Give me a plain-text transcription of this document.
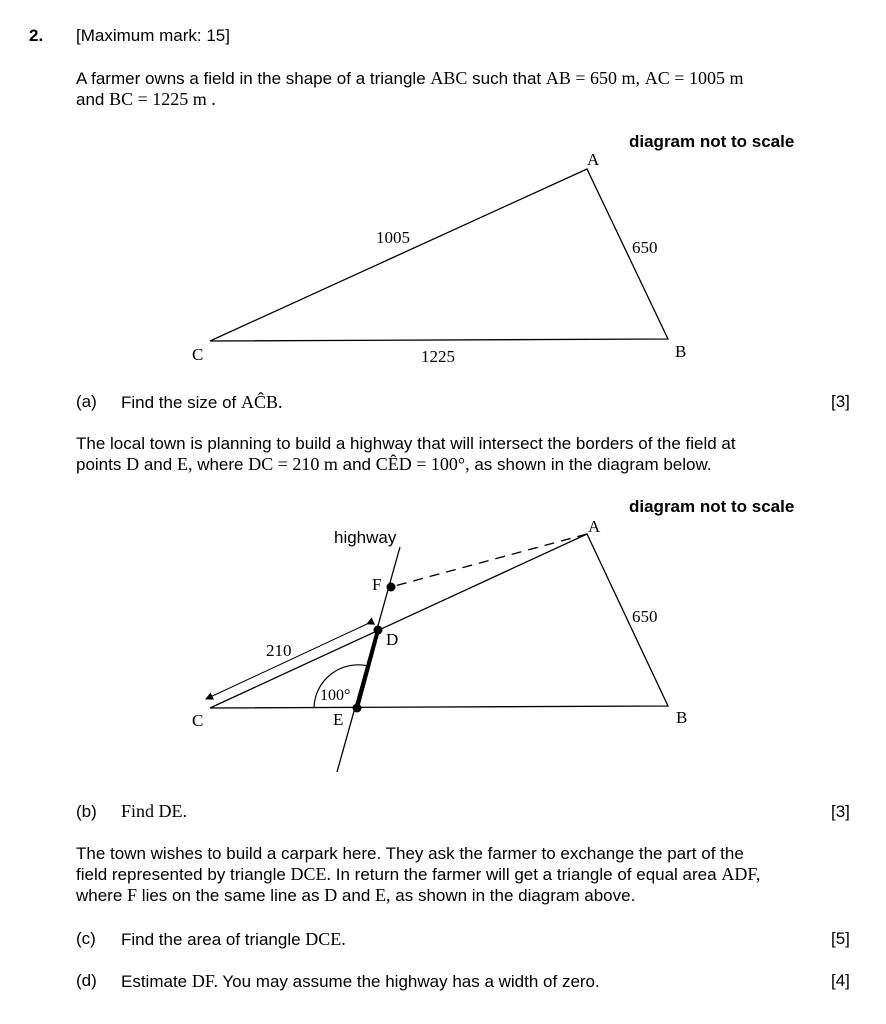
2. [Maximum mark: 15]
A farmer owns a field in the shape of a triangle ABC such that AB = 650 m, AC = 1005 m
and BC = 1225 m .
diagram not to scale
A
B
C
1005
650
1225
(a) Find the size of AĈB.	[3]
The local town is planning to build a highway that will intersect the borders of the field at
points D and E, where DC = 210 m and CÊD = 100°, as shown in the diagram below.
diagram not to scale
highway
A
B
C
D
E
F
210
650
100°
(b) Find DE.	[3]
The town wishes to build a carpark here. They ask the farmer to exchange the part of the
field represented by triangle DCE. In return the farmer will get a triangle of equal area ADF,
where F lies on the same line as D and E, as shown in the diagram above.
(c) Find the area of triangle DCE.	[5]
(d) Estimate DF. You may assume the highway has a width of zero.	[4]
